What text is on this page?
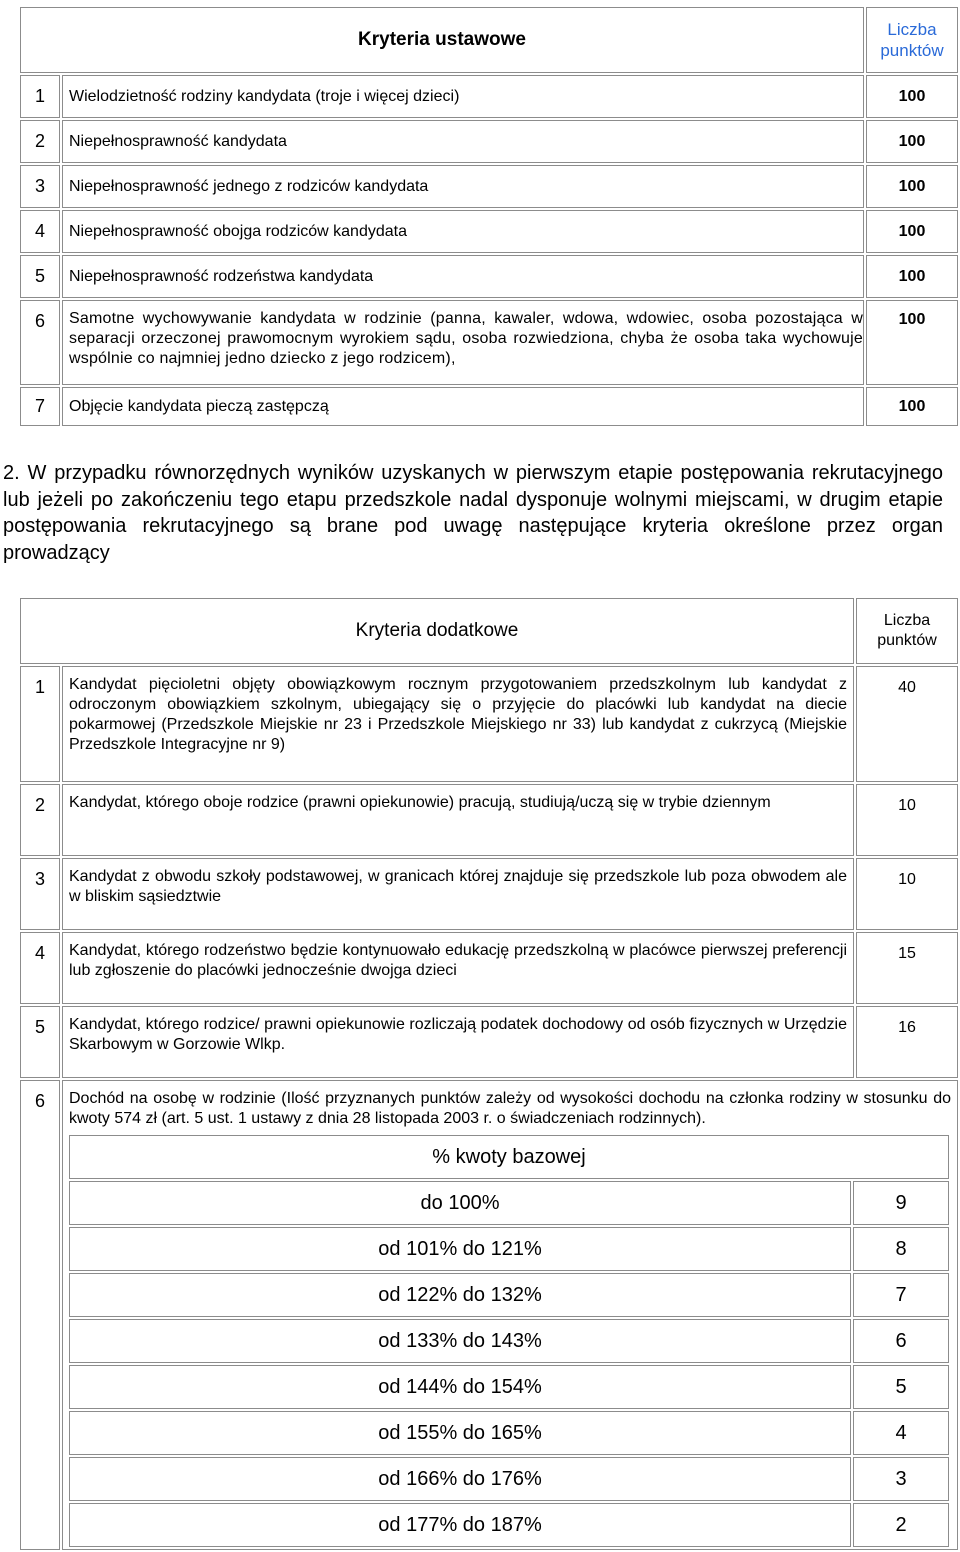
Kryteria ustawowe		Liczba
punktów
1	Wielodzietność rodziny kandydata (troje i więcej dzieci)	100
2	Niepełnosprawność kandydata	100
3	Niepełnosprawność jednego z rodziców kandydata	100
4	Niepełnosprawność obojga rodziców kandydata	100
5	Niepełnosprawność rodzeństwa kandydata	100
6	Samotne wychowywanie kandydata w rodzinie (panna, kawaler, wdowa, wdowiec, osoba pozostająca w separacji orzeczonej prawomocnym wyrokiem sądu, osoba rozwiedziona, chyba że osoba taka wychowuje wspólnie co najmniej jedno dziecko z jego rodzicem),	100
7	Objęcie kandydata pieczą zastępczą	100

2. W przypadku równorzędnych wyników uzyskanych w pierwszym etapie postępowania rekrutacyjnego lub jeżeli po zakończeniu tego etapu przedszkole nadal dysponuje wolnymi miejscami, w drugim etapie postępowania rekrutacyjnego są brane pod uwagę następujące kryteria określone przez organ prowadzący

Kryteria dodatkowe	Liczba
punktów
1	Kandydat pięcioletni objęty obowiązkowym rocznym przygotowaniem przedszkolnym lub kandydat z odroczonym obowiązkiem szkolnym, ubiegający się o przyjęcie do placówki lub kandydat na diecie pokarmowej (Przedszkole Miejskie nr 23 i Przedszkole Miejskiego nr 33) lub kandydat z cukrzycą (Miejskie Przedszkole Integracyjne nr 9)	40
2	Kandydat, którego oboje rodzice (prawni opiekunowie) pracują, studiują/uczą się w trybie dziennym	10
3	Kandydat z obwodu szkoły podstawowej, w granicach której znajduje się przedszkole lub poza obwodem ale w bliskim sąsiedztwie	10
4	Kandydat, którego rodzeństwo będzie kontynuowało edukację przedszkolną w placówce pierwszej preferencji lub zgłoszenie do placówki jednocześnie dwojga dzieci	15
5	Kandydat, którego rodzice/ prawni opiekunowie rozliczają podatek dochodowy od osób fizycznych w Urzędzie Skarbowym w Gorzowie Wlkp.	16
6	Dochód na osobę w rodzinie (Ilość przyznanych punktów zależy od wysokości dochodu na członka rodziny w stosunku do kwoty 574 zł (art. 5 ust. 1 ustawy z dnia 28 listopada 2003 r. o świadczeniach rodzinnych).
% kwoty bazowej
do 100%	9
od 101% do 121%	8
od 122% do 132%	7
od 133% do 143%	6
od 144% do 154%	5
od 155% do 165%	4
od 166% do 176%	3
od 177% do 187%	2
